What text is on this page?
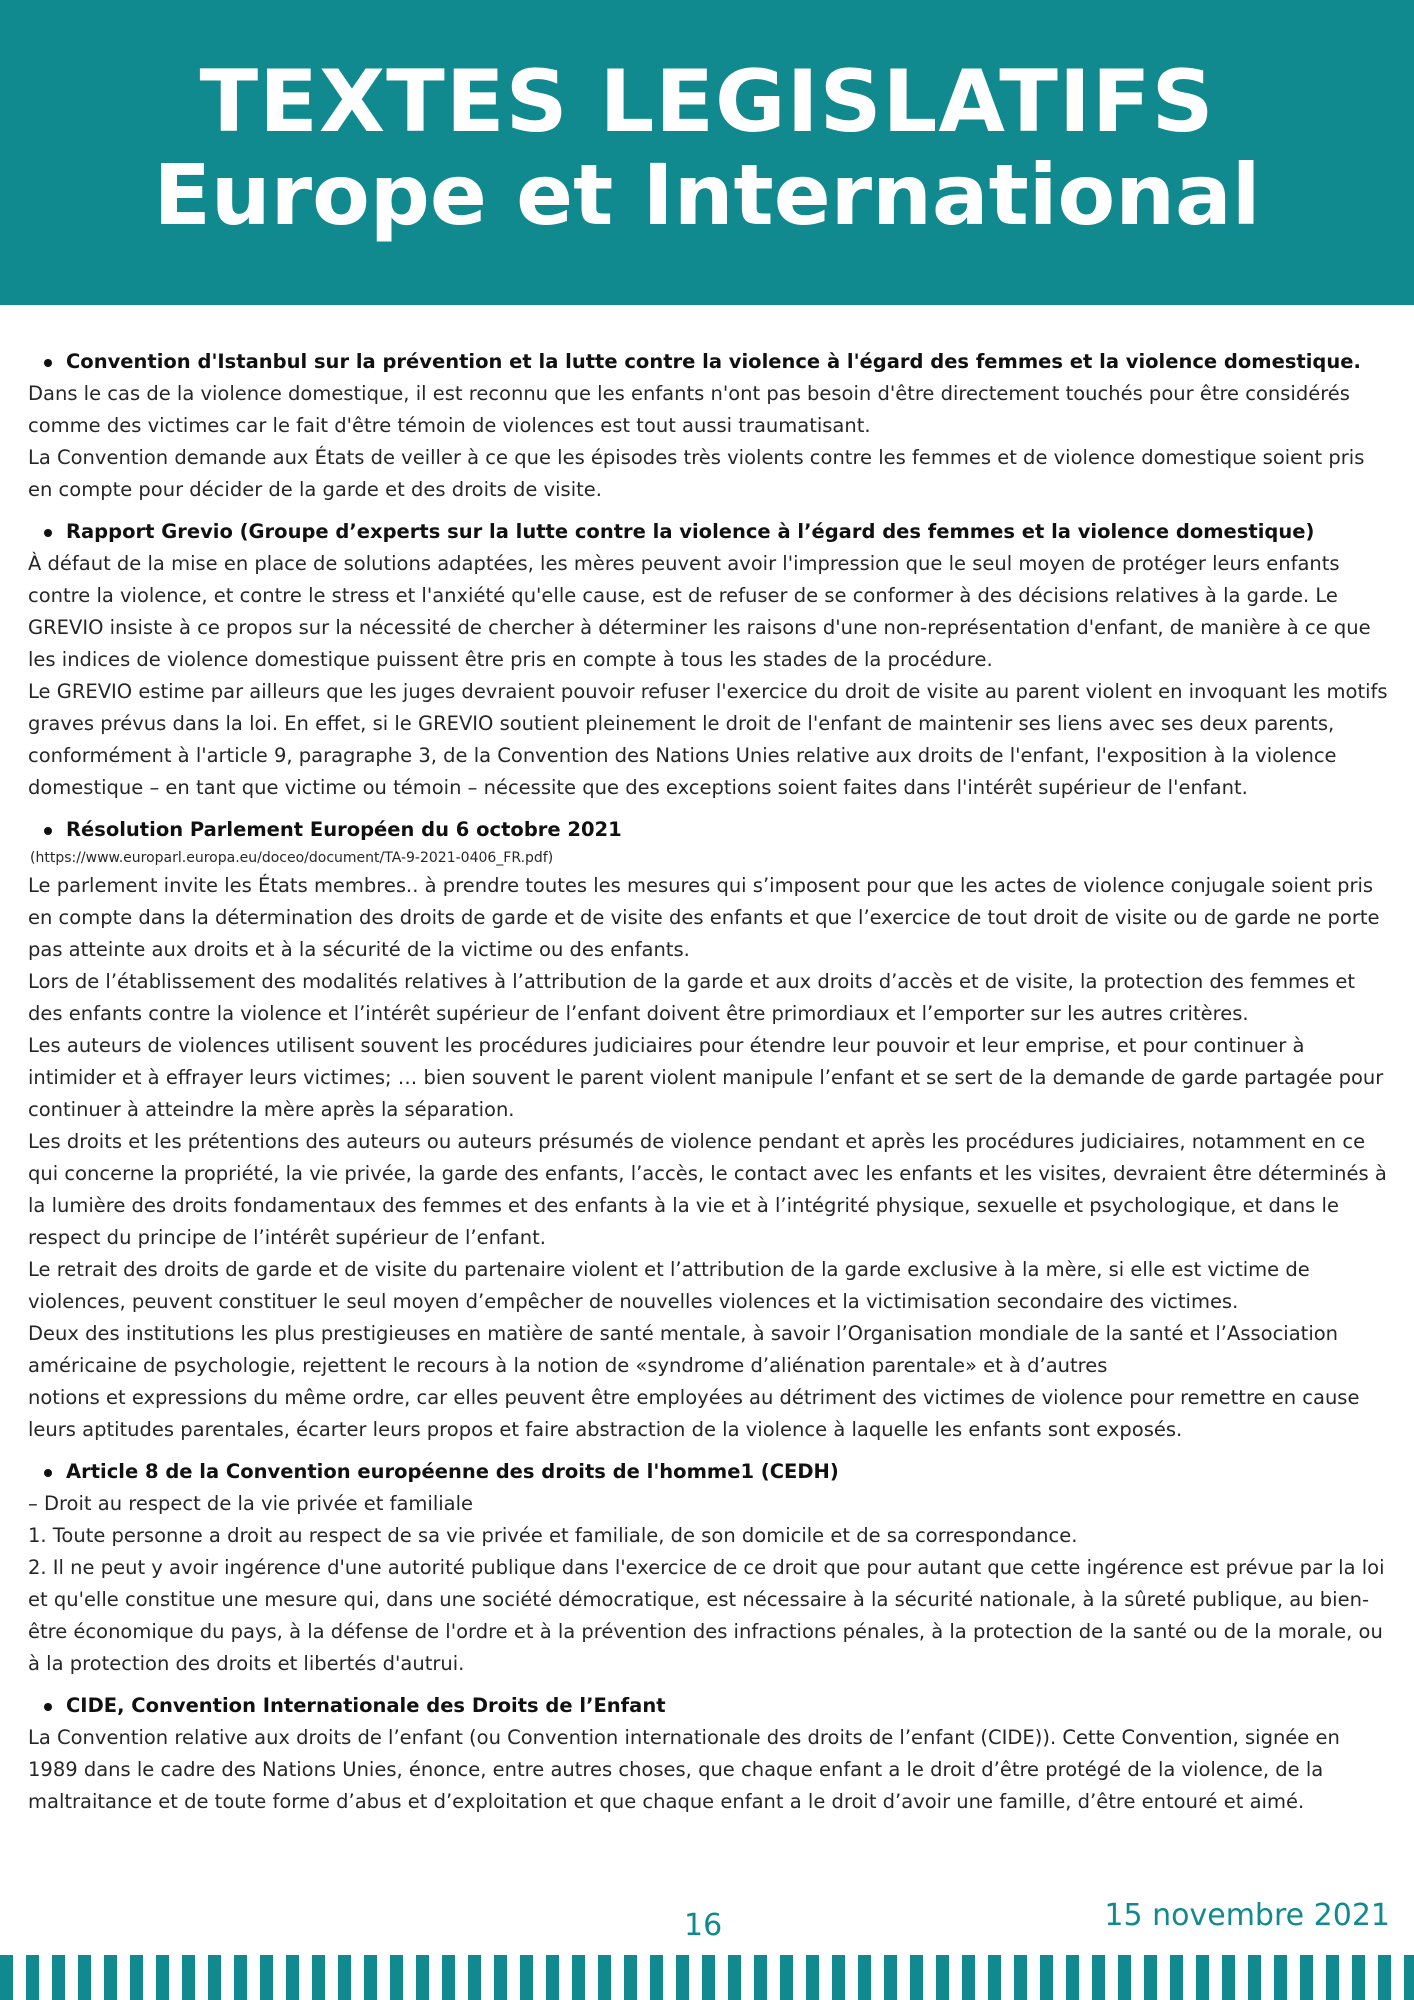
TEXTES LEGISLATIFS
Europe et International
Convention d'Istanbul sur la prévention et la lutte contre la violence à l'égard des femmes et la violence domestique.

Dans le cas de la violence domestique, il est reconnu que les enfants n'ont pas besoin d'être directement touchés pour être considérés comme des victimes car le fait d'être témoin de violences est tout aussi traumatisant.

La Convention demande aux États de veiller à ce que les épisodes très violents contre les femmes et de violence domestique soient pris en compte pour décider de la garde et des droits de visite.

Rapport Grevio (Groupe d’experts sur la lutte contre la violence à l’égard des femmes et la violence domestique)

À défaut de la mise en place de solutions adaptées, les mères peuvent avoir l'impression que le seul moyen de protéger leurs enfants contre la violence, et contre le stress et l'anxiété qu'elle cause, est de refuser de se conformer à des décisions relatives à la garde. Le GREVIO insiste à ce propos sur la nécessité de chercher à déterminer les raisons d'une non-représentation d'enfant, de manière à ce que les indices de violence domestique puissent être pris en compte à tous les stades de la procédure.

Le GREVIO estime par ailleurs que les juges devraient pouvoir refuser l'exercice du droit de visite au parent violent en invoquant les motifs graves prévus dans la loi. En effet, si le GREVIO soutient pleinement le droit de l'enfant de maintenir ses liens avec ses deux parents, conformément à l'article 9, paragraphe 3, de la Convention des Nations Unies relative aux droits de l'enfant, l'exposition à la violence domestique – en tant que victime ou témoin – nécessite que des exceptions soient faites dans l'intérêt supérieur de l'enfant.

Résolution Parlement Européen du 6 octobre 2021
(https://www.europarl.europa.eu/doceo/document/TA-9-2021-0406_FR.pdf)

Le parlement invite les États membres.. à prendre toutes les mesures qui s’imposent pour que les actes de violence conjugale soient pris en compte dans la détermination des droits de garde et de visite des enfants et que l’exercice de tout droit de visite ou de garde ne porte pas atteinte aux droits et à la sécurité de la victime ou des enfants.

Lors de l’établissement des modalités relatives à l’attribution de la garde et aux droits d’accès et de visite, la protection des femmes et des enfants contre la violence et l’intérêt supérieur de l’enfant doivent être primordiaux et l’emporter sur les autres critères.

Les auteurs de violences utilisent souvent les procédures judiciaires pour étendre leur pouvoir et leur emprise, et pour continuer à intimider et à effrayer leurs victimes; … bien souvent le parent violent manipule l’enfant et se sert de la demande de garde partagée pour continuer à atteindre la mère après la séparation.

Les droits et les prétentions des auteurs ou auteurs présumés de violence pendant et après les procédures judiciaires, notamment en ce qui concerne la propriété, la vie privée, la garde des enfants, l’accès, le contact avec les enfants et les visites, devraient être déterminés à la lumière des droits fondamentaux des femmes et des enfants à la vie et à l’intégrité physique, sexuelle et psychologique, et dans le respect du principe de l’intérêt supérieur de l’enfant.

Le retrait des droits de garde et de visite du partenaire violent et l’attribution de la garde exclusive à la mère, si elle est victime de violences, peuvent constituer le seul moyen d’empêcher de nouvelles violences et la victimisation secondaire des victimes.

Deux des institutions les plus prestigieuses en matière de santé mentale, à savoir l’Organisation mondiale de la santé et l’Association américaine de psychologie, rejettent le recours à la notion de «syndrome d’aliénation parentale» et à d’autres

notions et expressions du même ordre, car elles peuvent être employées au détriment des victimes de violence pour remettre en cause leurs aptitudes parentales, écarter leurs propos et faire abstraction de la violence à laquelle les enfants sont exposés.

Article 8 de la Convention européenne des droits de l'homme1 (CEDH)

– Droit au respect de la vie privée et familiale

1. Toute personne a droit au respect de sa vie privée et familiale, de son domicile et de sa correspondance.

2. Il ne peut y avoir ingérence d'une autorité publique dans l'exercice de ce droit que pour autant que cette ingérence est prévue par la loi et qu'elle constitue une mesure qui, dans une société démocratique, est nécessaire à la sécurité nationale, à la sûreté publique, au bien-être économique du pays, à la défense de l'ordre et à la prévention des infractions pénales, à la protection de la santé ou de la morale, ou à la protection des droits et libertés d'autrui.

CIDE, Convention Internationale des Droits de l’Enfant

La Convention relative aux droits de l’enfant (ou Convention internationale des droits de l’enfant (CIDE)). Cette Convention, signée en 1989 dans le cadre des Nations Unies, énonce, entre autres choses, que chaque enfant a le droit d’être protégé de la violence, de la maltraitance et de toute forme d’abus et d’exploitation et que chaque enfant a le droit d’avoir une famille, d’être entouré et aimé.

16	15 novembre 2021
